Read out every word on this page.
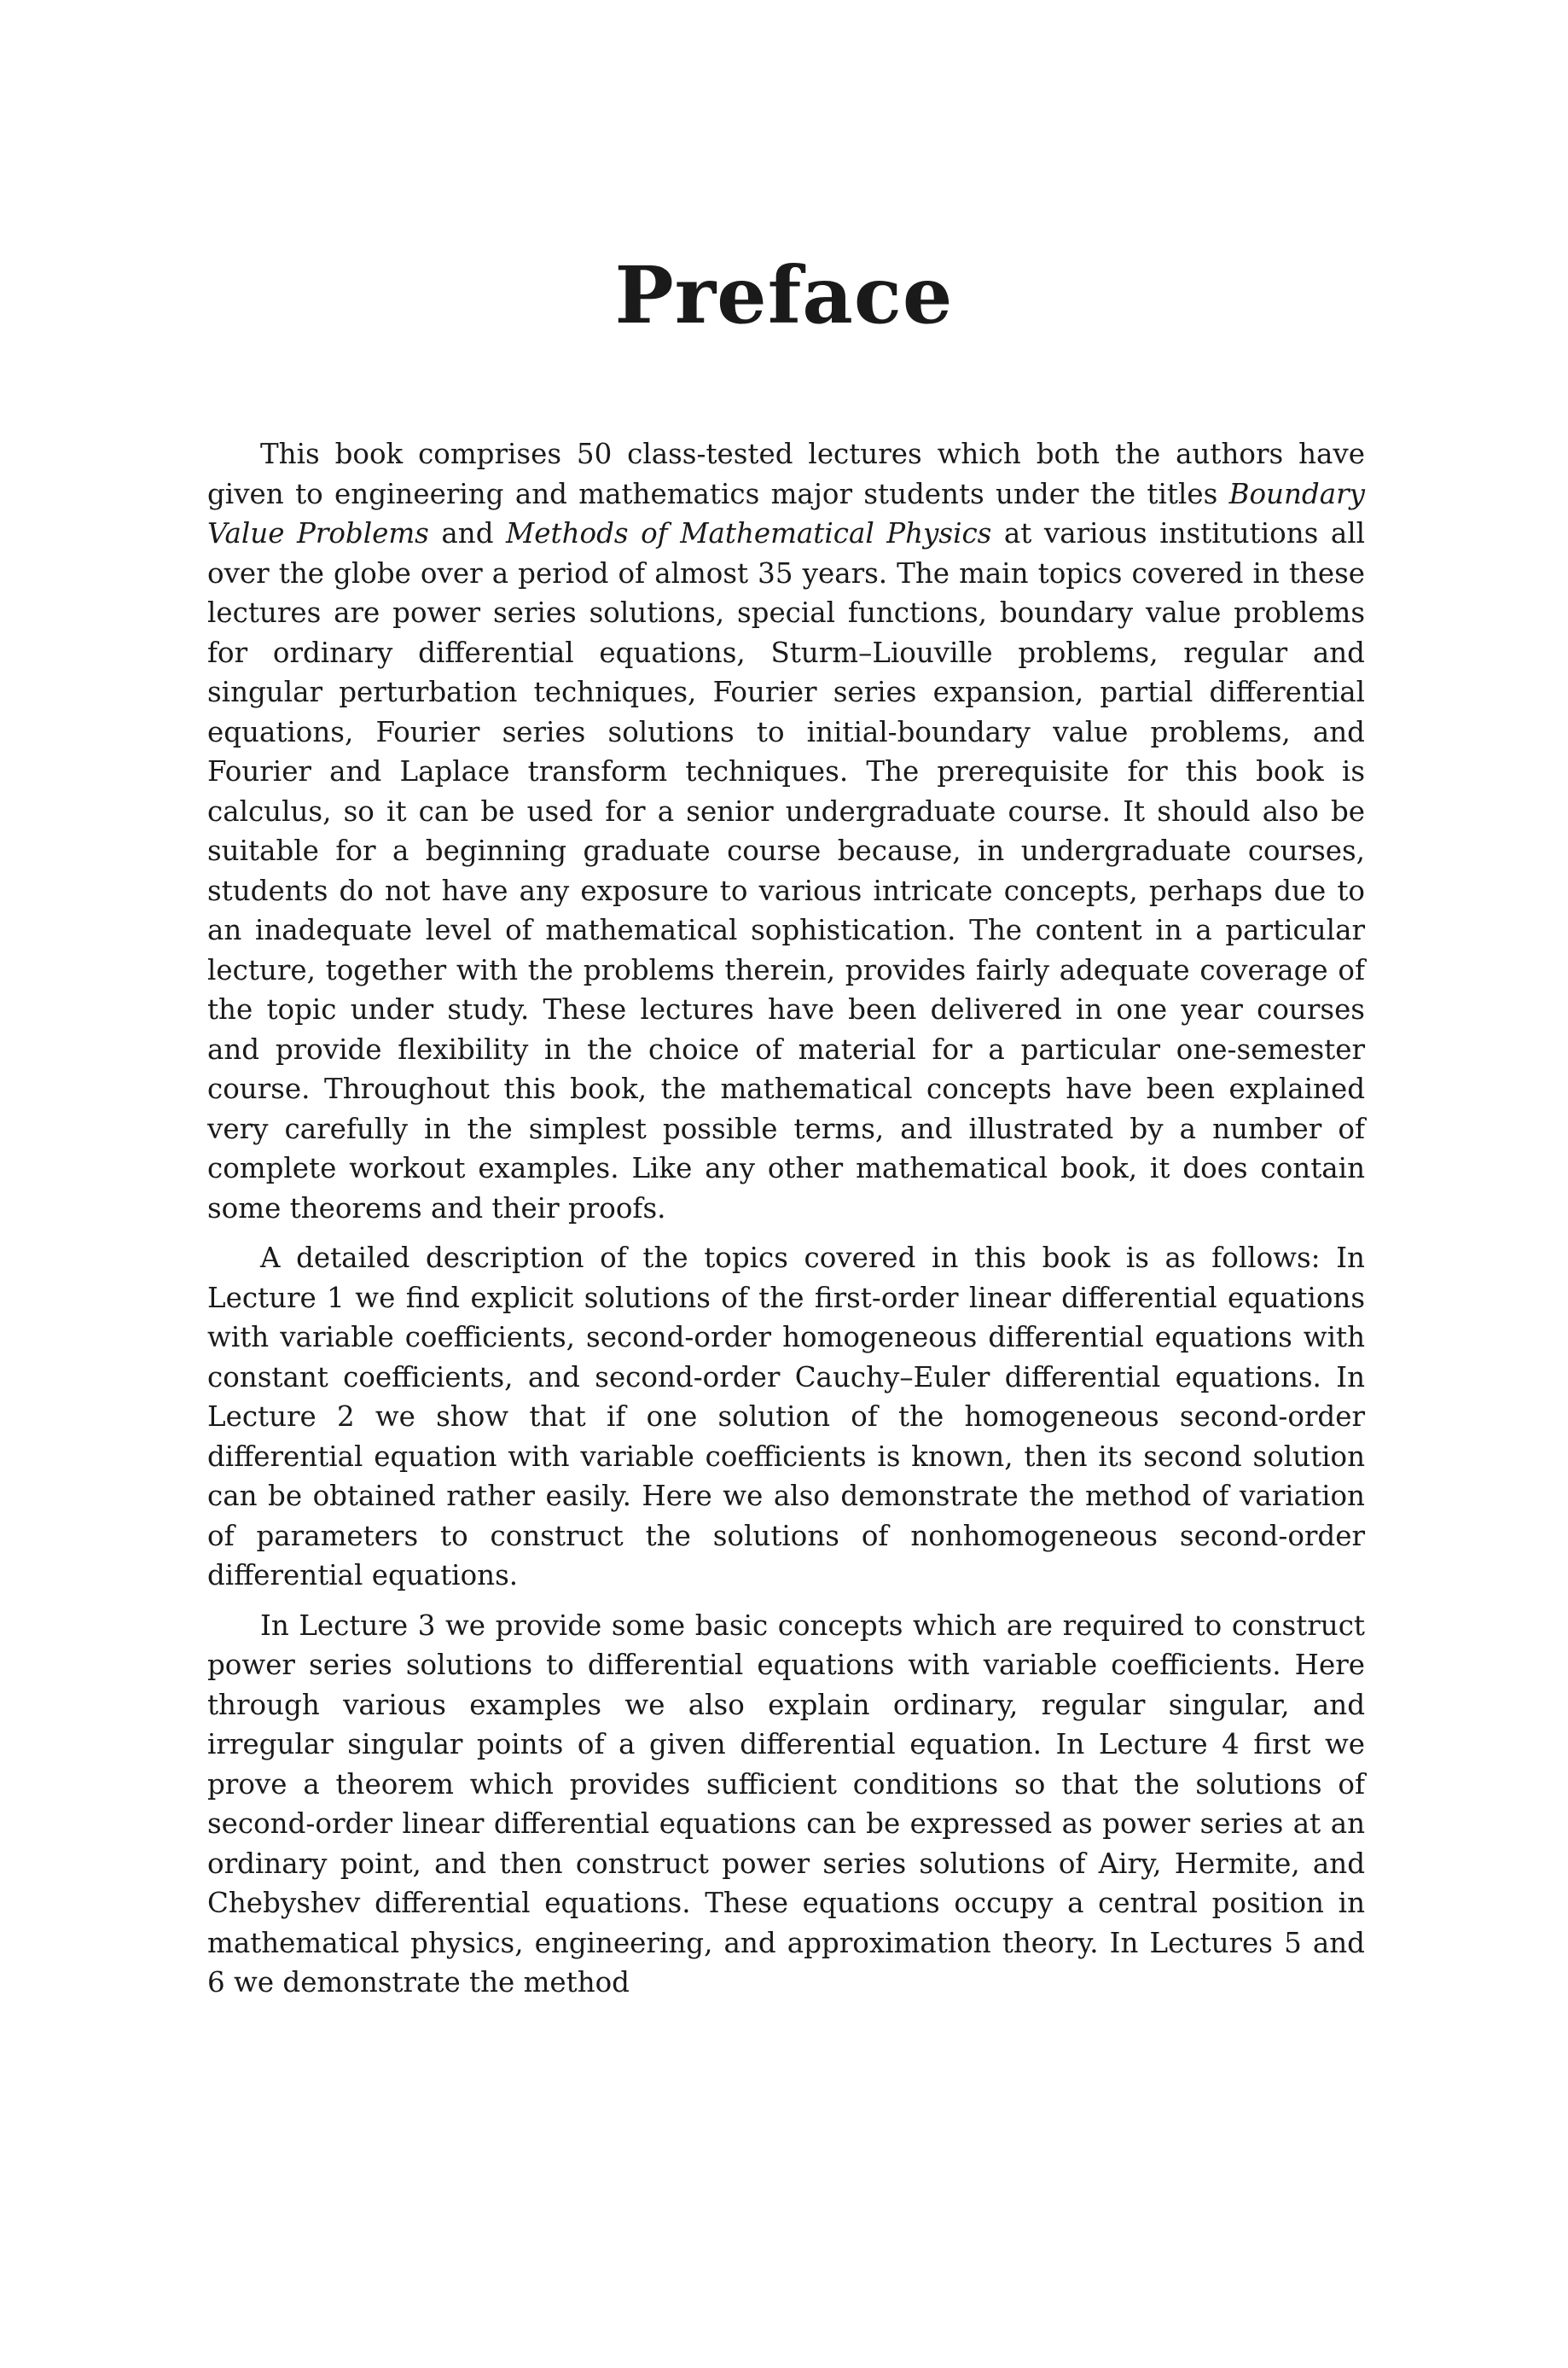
Preface

This book comprises 50 class-tested lectures which both the authors have given to engineering and mathematics major students under the titles Boundary Value Problems and Methods of Mathematical Physics at various institutions all over the globe over a period of almost 35 years. The main topics covered in these lectures are power series solutions, special functions, boundary value problems for ordinary differential equations, Sturm–Liouville problems, regular and singular perturbation techniques, Fourier series expansion, partial differential equations, Fourier series solutions to initial-boundary value problems, and Fourier and Laplace transform techniques. The prerequisite for this book is calculus, so it can be used for a senior undergraduate course. It should also be suitable for a beginning graduate course because, in undergraduate courses, students do not have any exposure to various intricate concepts, perhaps due to an inadequate level of mathematical sophistication. The content in a particular lecture, together with the problems therein, provides fairly adequate coverage of the topic under study. These lectures have been delivered in one year courses and provide flexibility in the choice of material for a particular one-semester course. Throughout this book, the mathematical concepts have been explained very carefully in the simplest possible terms, and illustrated by a number of complete workout examples. Like any other mathematical book, it does contain some theorems and their proofs.

A detailed description of the topics covered in this book is as follows: In Lecture 1 we find explicit solutions of the first-order linear differential equations with variable coefficients, second-order homogeneous differential equations with constant coefficients, and second-order Cauchy–Euler differential equations. In Lecture 2 we show that if one solution of the homogeneous second-order differential equation with variable coefficients is known, then its second solution can be obtained rather easily. Here we also demonstrate the method of variation of parameters to construct the solutions of nonhomogeneous second-order differential equations.

In Lecture 3 we provide some basic concepts which are required to construct power series solutions to differential equations with variable coefficients. Here through various examples we also explain ordinary, regular singular, and irregular singular points of a given differential equation. In Lecture 4 first we prove a theorem which provides sufficient conditions so that the solutions of second-order linear differential equations can be expressed as power series at an ordinary point, and then construct power series solutions of Airy, Hermite, and Chebyshev differential equations. These equations occupy a central position in mathematical physics, engineering, and approximation theory. In Lectures 5 and 6 we demonstrate the method
